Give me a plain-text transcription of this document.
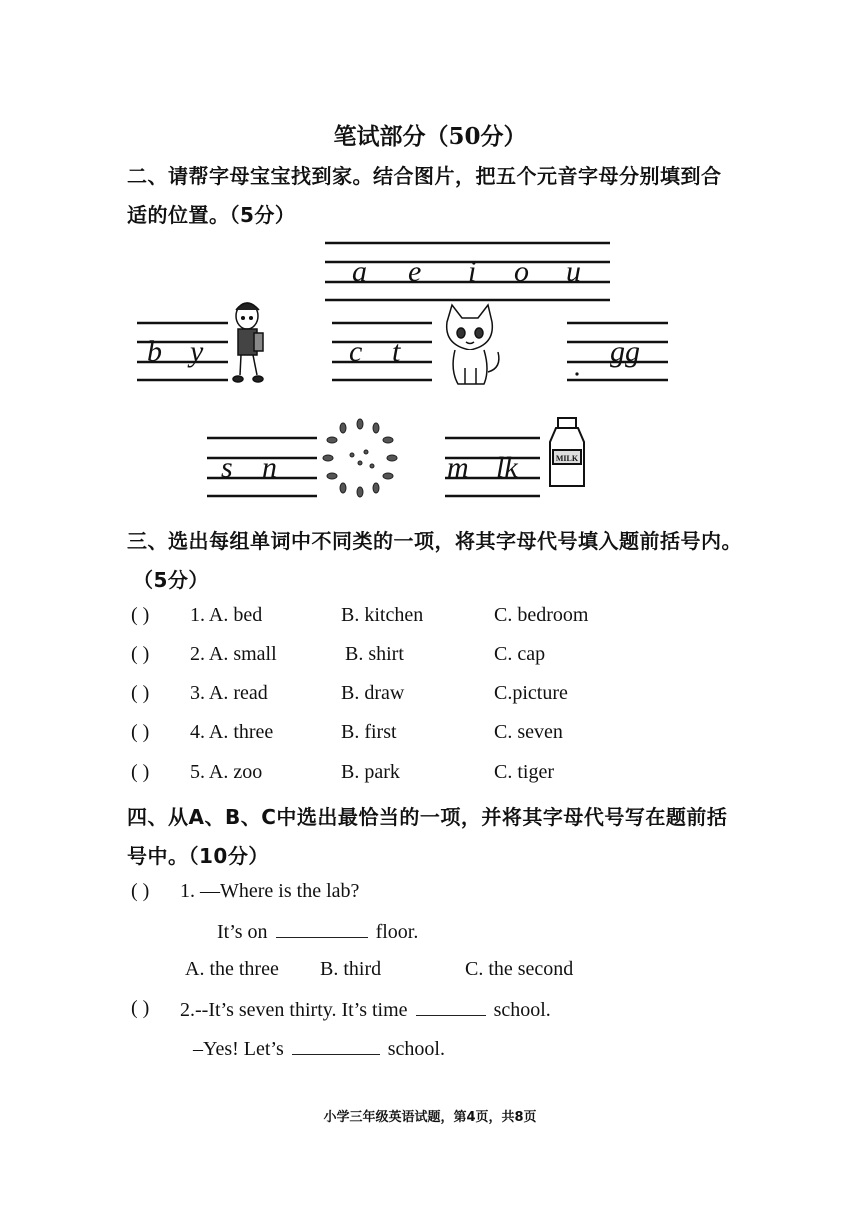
笔试部分（50分）
二、请帮字母宝宝找到家。结合图片，把五个元音字母分别填到合
适的位置。（5分）
a e i o u
b y	c t	gg
s n	m lk	MILK
三、选出每组单词中不同类的一项，将其字母代号填入题前括号内。
（5分）
( ) 1. A. bed	B. kitchen	C. bedroom
( ) 2. A. small	B. shirt	C. cap
( ) 3. A. read	B. draw	C.picture
( ) 4. A. three	B. first	C. seven
( ) 5. A. zoo	B. park	C. tiger
四、从A、B、C中选出最恰当的一项，并将其字母代号写在题前括
号中。（10分）
( ) 1. —Where is the lab?
It’s on	floor.
A. the three B. third	C. the second
( ) 2.--It’s seven thirty. It’s time	school.
–Yes! Let’s	school.
小学三年级英语试题，第4页，共8页
